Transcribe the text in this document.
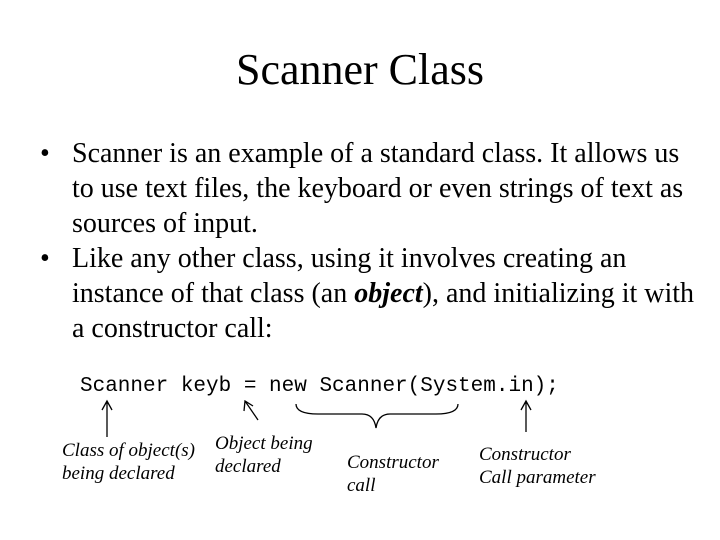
Scanner Class
• Scanner is an example of a standard class. It allows us to use text files, the keyboard or even strings of text as sources of input.
• Like any other class, using it involves creating an instance of that class (an object), and initializing it with a constructor call:
Scanner keyb = new Scanner(System.in);
Class of object(s)
being declared
Object being
declared	Constructor
call
Constructor
Call parameter
